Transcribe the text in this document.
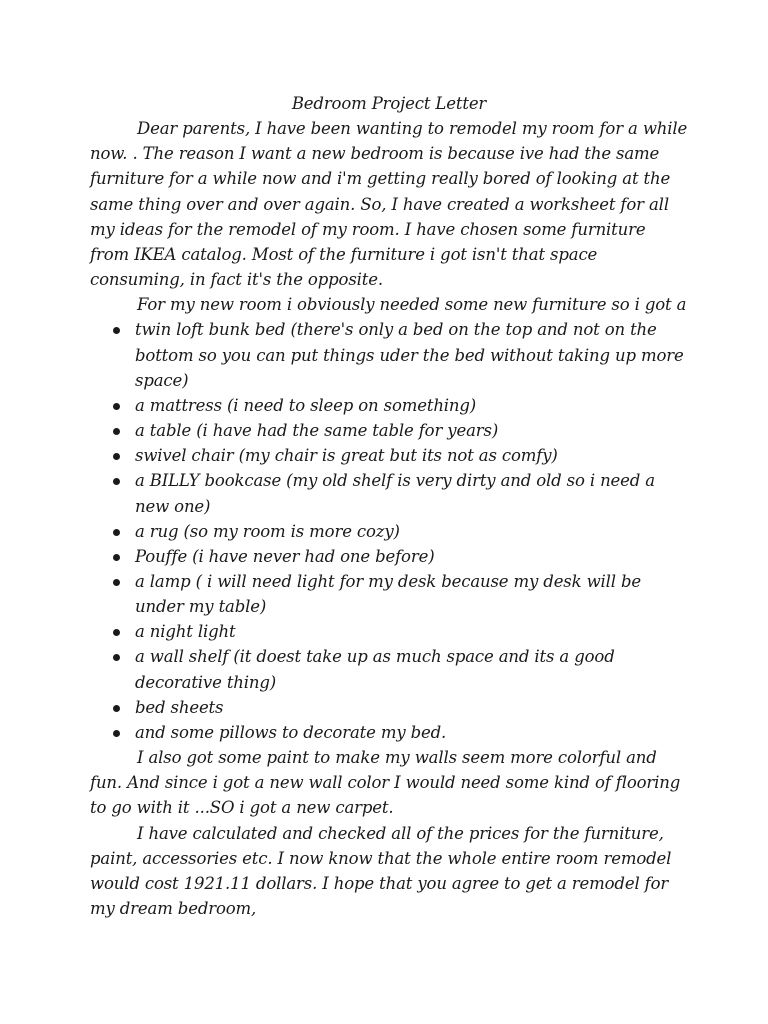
Bedroom Project Letter

Dear parents, I have been wanting to remodel my room for a while now. . The reason I want a new bedroom is because ive had the same furniture for a while now and i'm getting really bored of looking at the same thing over and over again. So, I have created a worksheet for all my ideas for the remodel of my room. I have chosen some furniture from IKEA catalog. Most of the furniture i got isn't that space consuming, in fact it's the opposite.

For my new room i obviously needed some new furniture so i got a

twin loft bunk bed (there's only a bed on the top and not on the bottom so you can put things uder the bed without taking up more space)
a mattress (i need to sleep on something)
a table (i have had the same table for years)
swivel chair (my chair is great but its not as comfy)
a BILLY bookcase (my old shelf is very dirty and old so i need a new one)
a rug (so my room is more cozy)
Pouffe (i have never had one before)
a lamp ( i will need light for my desk because my desk will be under my table)
a night light
a wall shelf (it doest take up as much space and its a good decorative thing)
bed sheets
and some pillows to decorate my bed.

I also got some paint to make my walls seem more colorful and fun. And since i got a new wall color I would need some kind of flooring to go with it ...SO i got a new carpet.

I have calculated and checked all of the prices for the furniture, paint, accessories etc. I now know that the whole entire room remodel would cost 1921.11 dollars. I hope that you agree to get a remodel for my dream bedroom,
